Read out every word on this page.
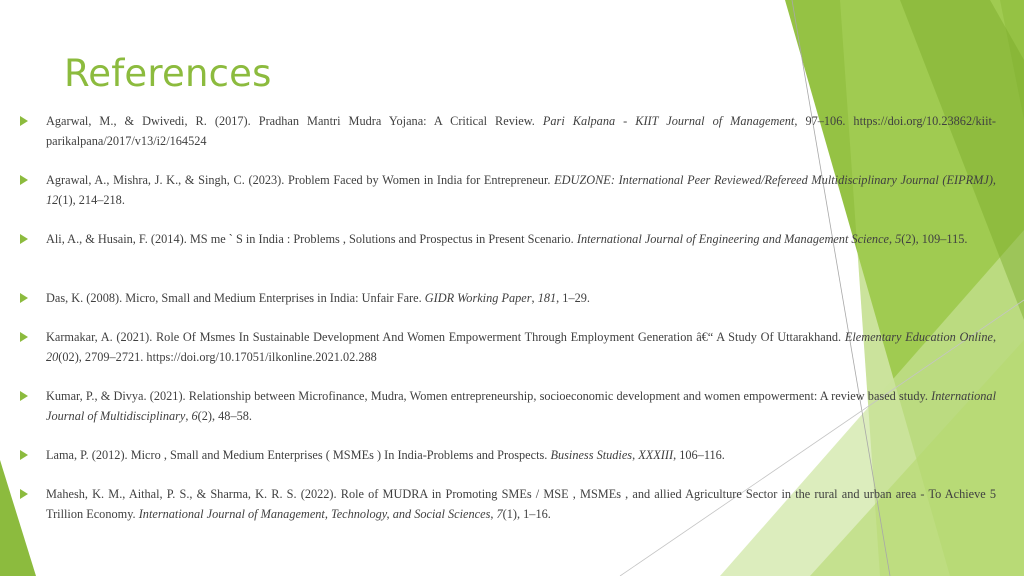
References

Agarwal, M., & Dwivedi, R. (2017). Pradhan Mantri Mudra Yojana: A Critical Review. Pari Kalpana - KIIT Journal of Management, 97–106. https://doi.org/10.23862/kiit-parikalpana/2017/v13/i2/164524

Agrawal, A., Mishra, J. K., & Singh, C. (2023). Problem Faced by Women in India for Entrepreneur. EDUZONE: International Peer Reviewed/Refereed Multidisciplinary Journal (EIPRMJ), 12(1), 214–218.

Ali, A., & Husain, F. (2014). MS me ` S in India : Problems , Solutions and Prospectus in Present Scenario. International Journal of Engineering and Management Science, 5(2), 109–115.

Das, K. (2008). Micro, Small and Medium Enterprises in India: Unfair Fare. GIDR Working Paper, 181, 1–29.

Karmakar, A. (2021). Role Of Msmes In Sustainable Development And Women Empowerment Through Employment Generation â€“ A Study Of Uttarakhand. Elementary Education Online, 20(02), 2709–2721. https://doi.org/10.17051/ilkonline.2021.02.288

Kumar, P., & Divya. (2021). Relationship between Microfinance, Mudra, Women entrepreneurship, socioeconomic development and women empowerment: A review based study. International Journal of Multidisciplinary, 6(2), 48–58.

Lama, P. (2012). Micro , Small and Medium Enterprises ( MSMEs ) In India-Problems and Prospects. Business Studies, XXXIII, 106–116.

Mahesh, K. M., Aithal, P. S., & Sharma, K. R. S. (2022). Role of MUDRA in Promoting SMEs / MSE , MSMEs , and allied Agriculture Sector in the rural and urban area - To Achieve 5 Trillion Economy. International Journal of Management, Technology, and Social Sciences, 7(1), 1–16.
